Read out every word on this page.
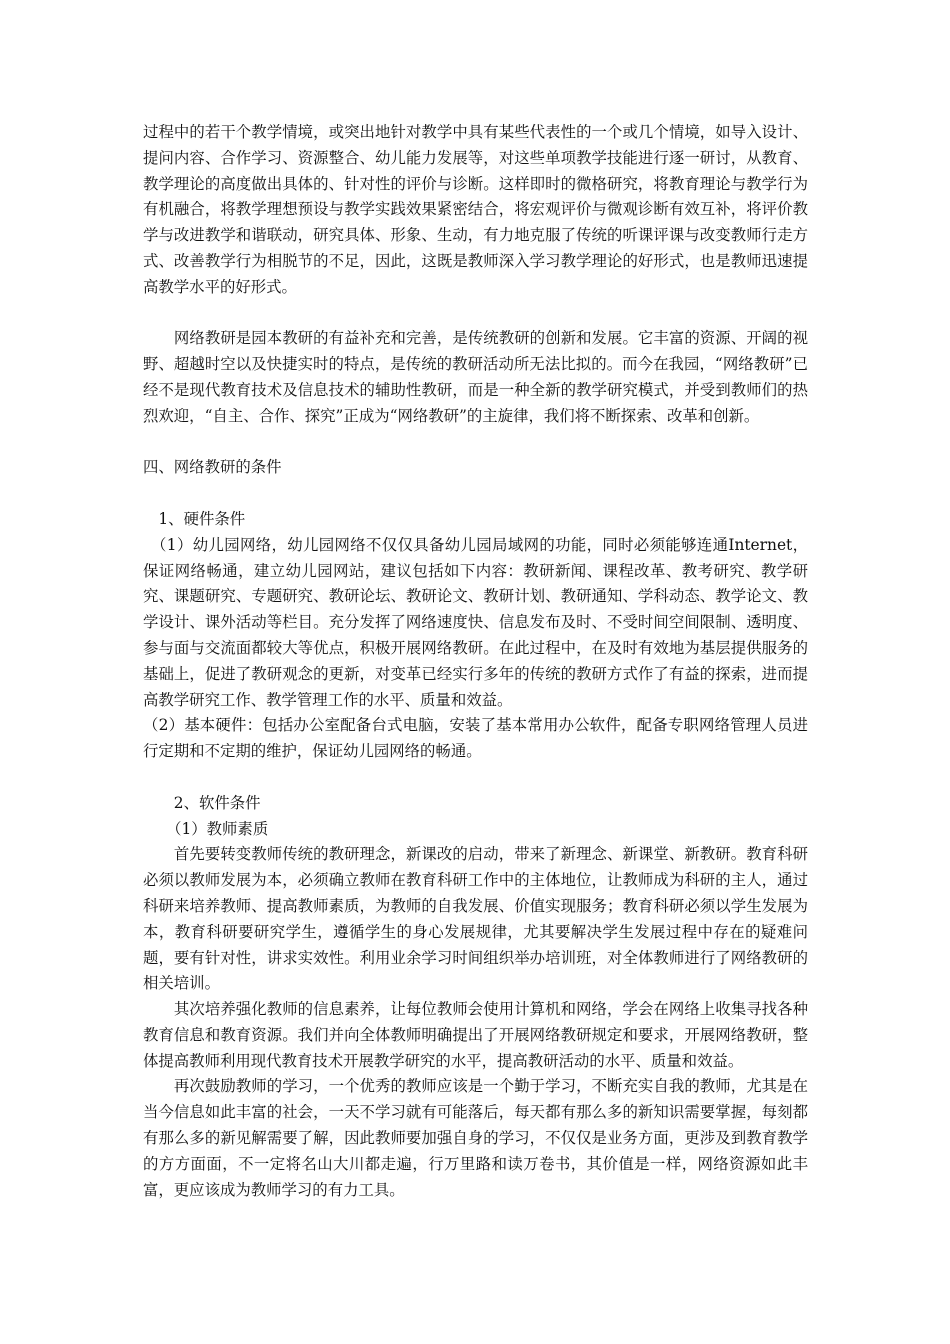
过程中的若干个教学情境，或突出地针对教学中具有某些代表性的一个或几个情境，如导入设计、提问内容、合作学习、资源整合、幼儿能力发展等，对这些单项教学技能进行逐一研讨，从教育、教学理论的高度做出具体的、针对性的评价与诊断。这样即时的微格研究，将教育理论与教学行为有机融合，将教学理想预设与教学实践效果紧密结合，将宏观评价与微观诊断有效互补，将评价教学与改进教学和谐联动，研究具体、形象、生动，有力地克服了传统的听课评课与改变教师行走方式、改善教学行为相脱节的不足，因此，这既是教师深入学习教学理论的好形式，也是教师迅速提高教学水平的好形式。

　　网络教研是园本教研的有益补充和完善，是传统教研的创新和发展。它丰富的资源、开阔的视野、超越时空以及快捷实时的特点，是传统的教研活动所无法比拟的。而今在我园，“网络教研”已经不是现代教育技术及信息技术的辅助性教研，而是一种全新的教学研究模式，并受到教师们的热烈欢迎，“自主、合作、探究”正成为“网络教研”的主旋律，我们将不断探索、改革和创新。

四、网络教研的条件

　1、硬件条件

　（1）幼儿园网络，幼儿园网络不仅仅具备幼儿园局域网的功能，同时必须能够连通Internet，保证网络畅通，建立幼儿园网站，建议包括如下内容：教研新闻、课程改革、教考研究、教学研究、课题研究、专题研究、教研论坛、教研论文、教研计划、教研通知、学科动态、教学论文、教学设计、课外活动等栏目。充分发挥了网络速度快、信息发布及时、不受时间空间限制、透明度、参与面与交流面都较大等优点，积极开展网络教研。在此过程中，在及时有效地为基层提供服务的基础上，促进了教研观念的更新，对变革已经实行多年的传统的教研方式作了有益的探索，进而提高教学研究工作、教学管理工作的水平、质量和效益。

（2）基本硬件：包括办公室配备台式电脑，安装了基本常用办公软件，配备专职网络管理人员进行定期和不定期的维护，保证幼儿园网络的畅通。

　　2、软件条件

　　（1）教师素质

　　首先要转变教师传统的教研理念，新课改的启动，带来了新理念、新课堂、新教研。教育科研必须以教师发展为本，必须确立教师在教育科研工作中的主体地位，让教师成为科研的主人，通过科研来培养教师、提高教师素质，为教师的自我发展、价值实现服务；教育科研必须以学生发展为本，教育科研要研究学生，遵循学生的身心发展规律，尤其要解决学生发展过程中存在的疑难问题，要有针对性，讲求实效性。利用业余学习时间组织举办培训班，对全体教师进行了网络教研的相关培训。

　　其次培养强化教师的信息素养，让每位教师会使用计算机和网络，学会在网络上收集寻找各种教育信息和教育资源。我们并向全体教师明确提出了开展网络教研规定和要求，开展网络教研，整体提高教师利用现代教育技术开展教学研究的水平，提高教研活动的水平、质量和效益。

　　再次鼓励教师的学习，一个优秀的教师应该是一个勤于学习，不断充实自我的教师，尤其是在当今信息如此丰富的社会，一天不学习就有可能落后，每天都有那么多的新知识需要掌握，每刻都有那么多的新见解需要了解，因此教师要加强自身的学习，不仅仅是业务方面，更涉及到教育教学的方方面面，不一定将名山大川都走遍，行万里路和读万卷书，其价值是一样，网络资源如此丰富，更应该成为教师学习的有力工具。
